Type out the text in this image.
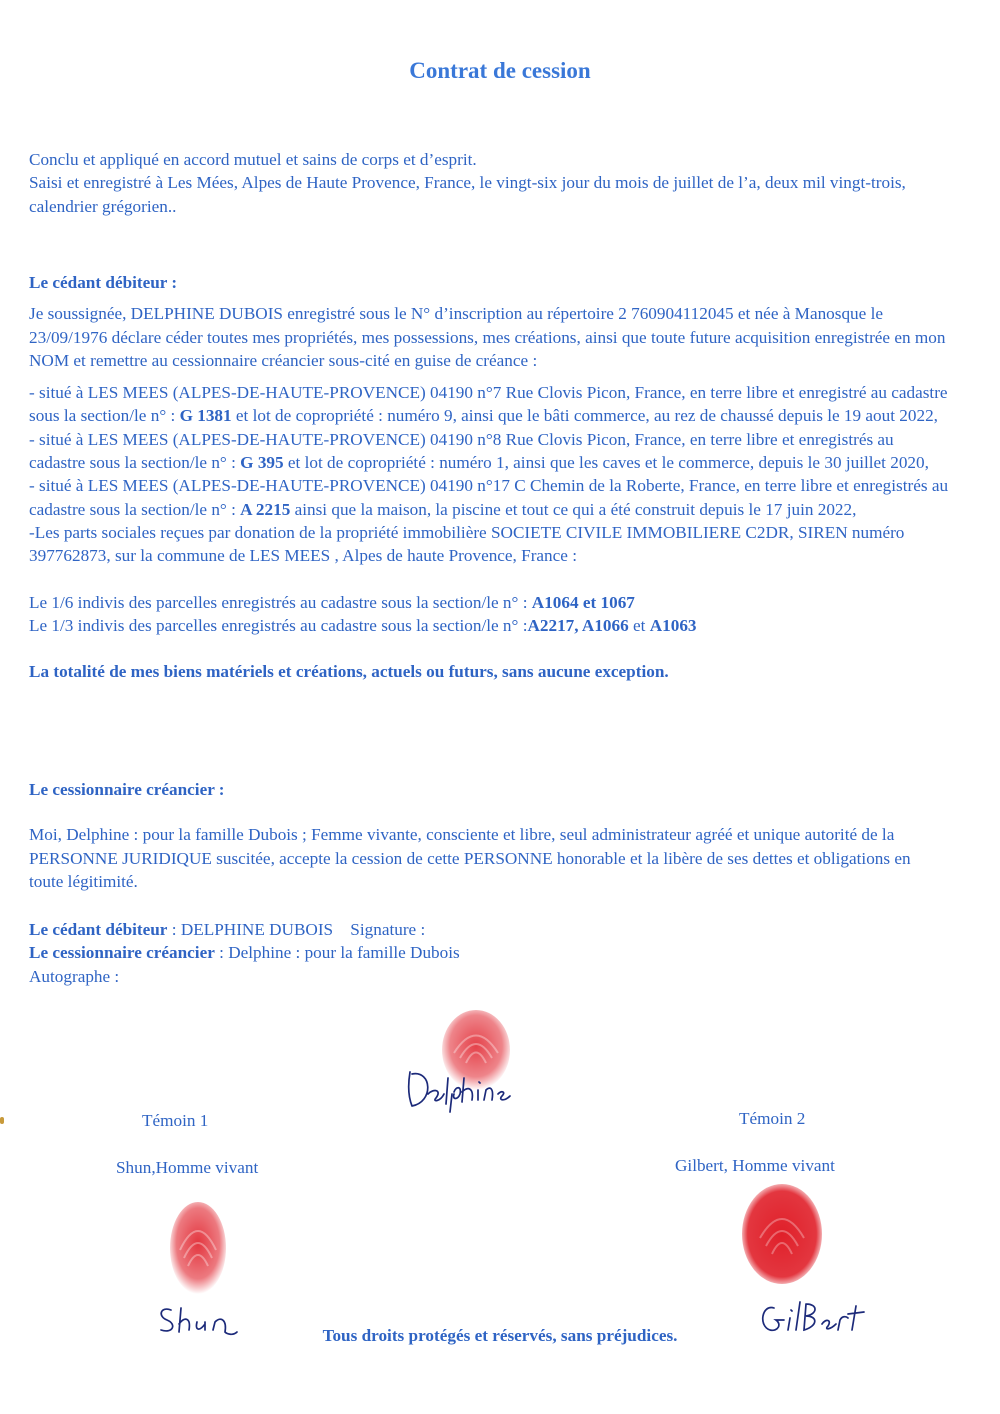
Contrat de cession

Conclu et appliqué en accord mutuel et sains de corps et d’esprit.

Saisi et enregistré à Les Mées, Alpes de Haute Provence, France, le vingt-six jour du mois de juillet de l’a, deux mil vingt-trois, calendrier grégorien..

Le cédant débiteur :

Je soussignée, DELPHINE DUBOIS enregistré sous le N° d’inscription au répertoire 2 760904112045 et née à Manosque le 23/09/1976 déclare céder toutes mes propriétés, mes possessions, mes créations, ainsi que toute future acquisition enregistrée en mon NOM et remettre au cessionnaire créancier sous-cité en guise de créance :

- situé à LES MEES (ALPES-DE-HAUTE-PROVENCE) 04190 n°7 Rue Clovis Picon, France, en terre libre et enregistré au cadastre sous la section/le n° : G 1381 et lot de copropriété : numéro 9, ainsi que le bâti commerce, au rez de chaussé depuis le 19 aout 2022,

- situé à LES MEES (ALPES-DE-HAUTE-PROVENCE) 04190 n°8 Rue Clovis Picon, France, en terre libre et enregistrés au cadastre sous la section/le n° : G 395 et lot de copropriété : numéro 1, ainsi que les caves et le commerce, depuis le 30 juillet 2020,

- situé à LES MEES (ALPES-DE-HAUTE-PROVENCE) 04190 n°17 C Chemin de la Roberte, France, en terre libre et enregistrés au cadastre sous la section/le n° : A 2215 ainsi que la maison, la piscine et tout ce qui a été construit depuis le 17 juin 2022,

-Les parts sociales reçues par donation de la propriété immobilière SOCIETE CIVILE IMMOBILIERE C2DR, SIREN numéro 397762873, sur la commune de LES MEES , Alpes de haute Provence, France :

Le 1/6 indivis des parcelles enregistrés au cadastre sous la section/le n° : A1064 et 1067

Le 1/3 indivis des parcelles enregistrés au cadastre sous la section/le n° :A2217, A1066 et A1063

La totalité de mes biens matériels et créations, actuels ou futurs, sans aucune exception.

Le cessionnaire créancier :

Moi, Delphine : pour la famille Dubois ; Femme vivante, consciente et libre, seul administrateur agréé et unique autorité de la PERSONNE JURIDIQUE suscitée, accepte la cession de cette PERSONNE honorable et la libère de ses dettes et obligations en toute légitimité.

Le cédant débiteur : DELPHINE DUBOIS    Signature :

Le cessionnaire créancier : Delphine : pour la famille Dubois

Autographe :

Témoin 1
Shun,Homme vivant
Témoin 2
Gilbert, Homme vivant
Tous droits protégés et réservés, sans préjudices.
